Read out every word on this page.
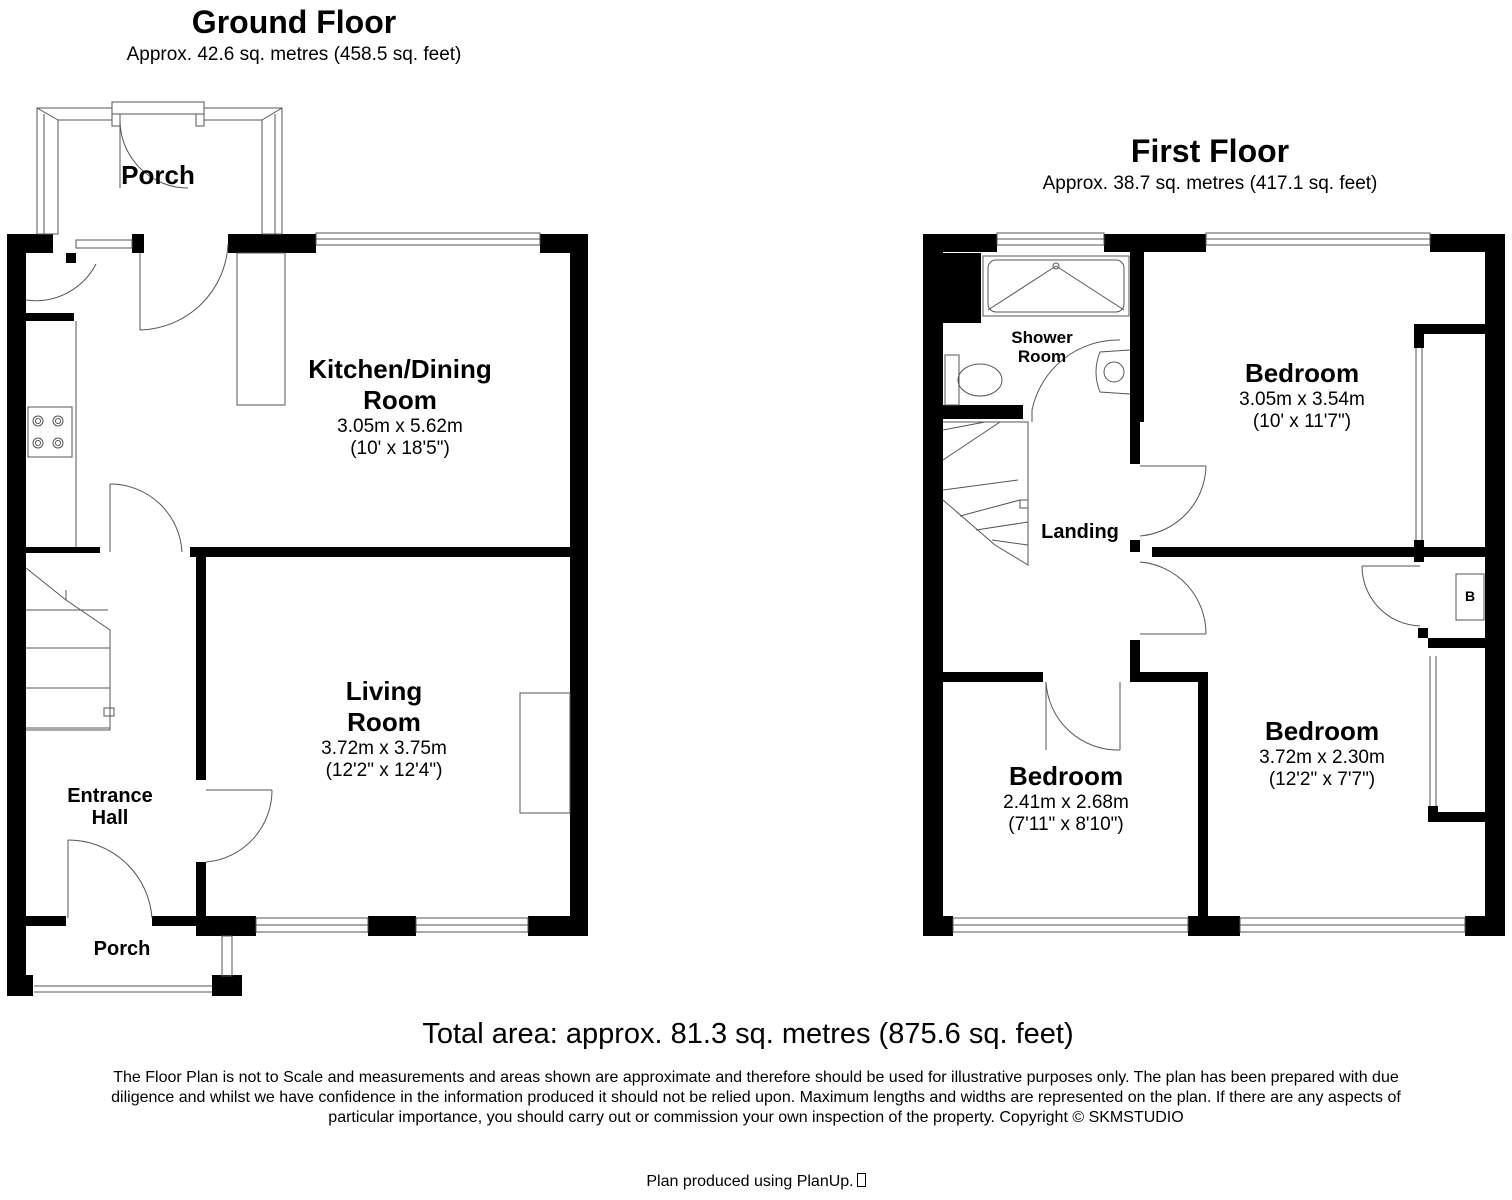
Ground Floor
Approx. 42.6 sq. metres (458.5 sq. feet)
Porch
Kitchen/Dining
Room
3.05m x 5.62m
(10' x 18'5")
Living
Room
3.72m x 3.75m
(12'2" x 12'4")
Entrance
Hall
Porch
First Floor
Approx. 38.7 sq. metres (417.1 sq. feet)
Shower
Room
Bedroom
3.05m x 3.54m
(10' x 11'7")
Landing
Bedroom
3.72m x 2.30m
(12'2" x 7'7")
Bedroom
2.41m x 2.68m
(7'11" x 8'10")
B
Total area: approx. 81.3 sq. metres (875.6 sq. feet)
The Floor Plan is not to Scale and measurements and areas shown are approximate and therefore should be used for illustrative purposes only. The plan has been prepared with due diligence and whilst we have confidence in the information produced it should not be relied upon. Maximum lengths and widths are represented on the plan. If there are any aspects of particular importance, you should carry out or commission your own inspection of the property. Copyright © SKMSTUDIO
Plan produced using PlanUp.
